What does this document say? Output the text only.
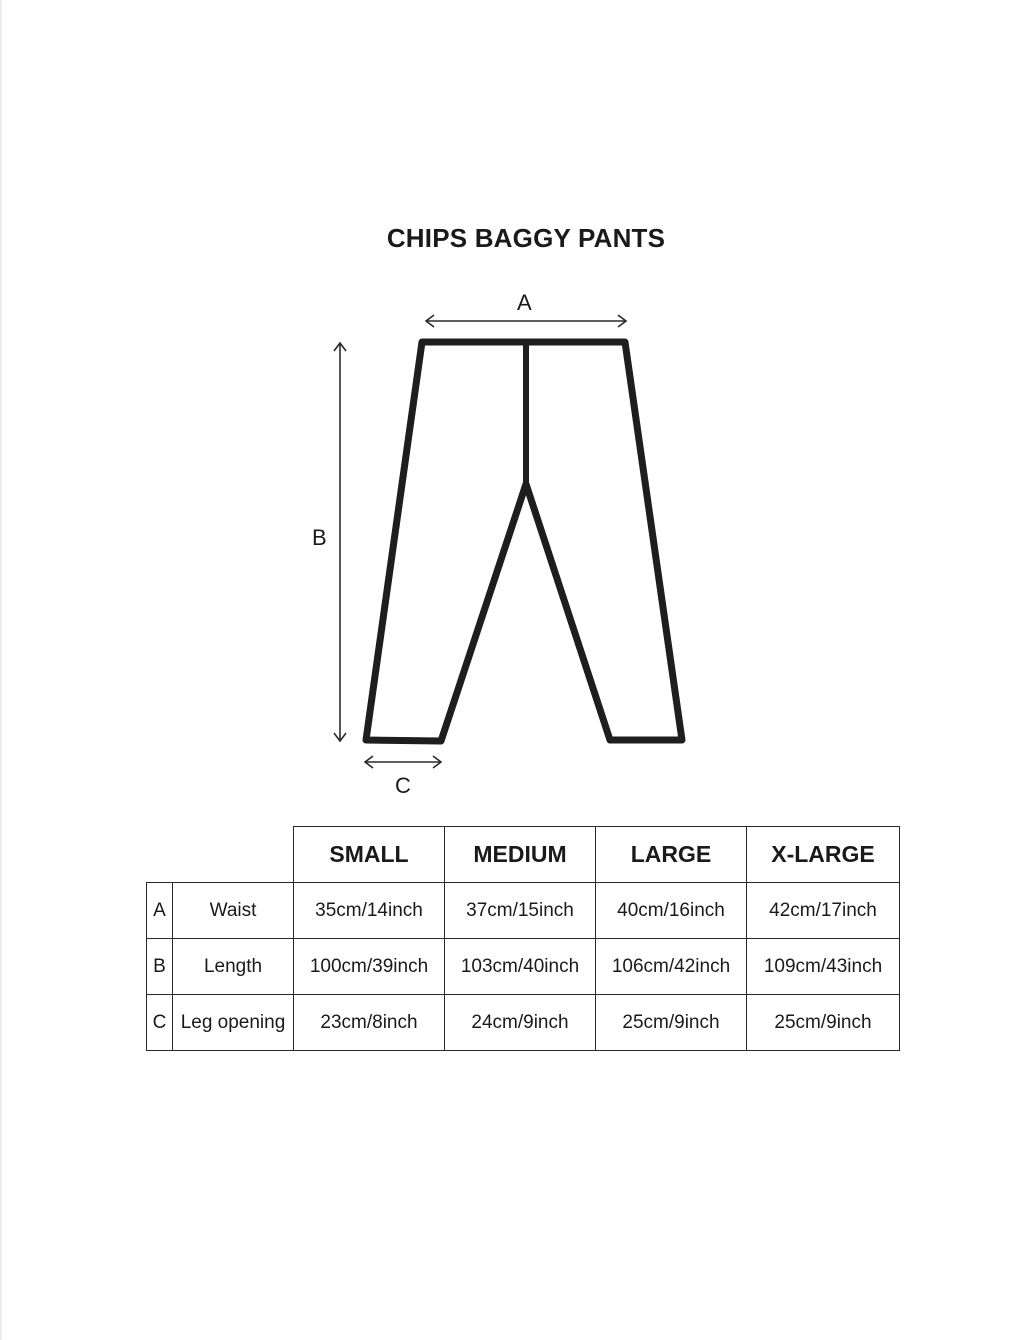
CHIPS BAGGY PANTS
A
B
C
		SMALL	MEDIUM	LARGE	X-LARGE
A	Waist	35cm/14inch	37cm/15inch	40cm/16inch	42cm/17inch
B	Length	100cm/39inch	103cm/40inch	106cm/42inch	109cm/43inch
C	Leg opening	23cm/8inch	24cm/9inch	25cm/9inch	25cm/9inch
